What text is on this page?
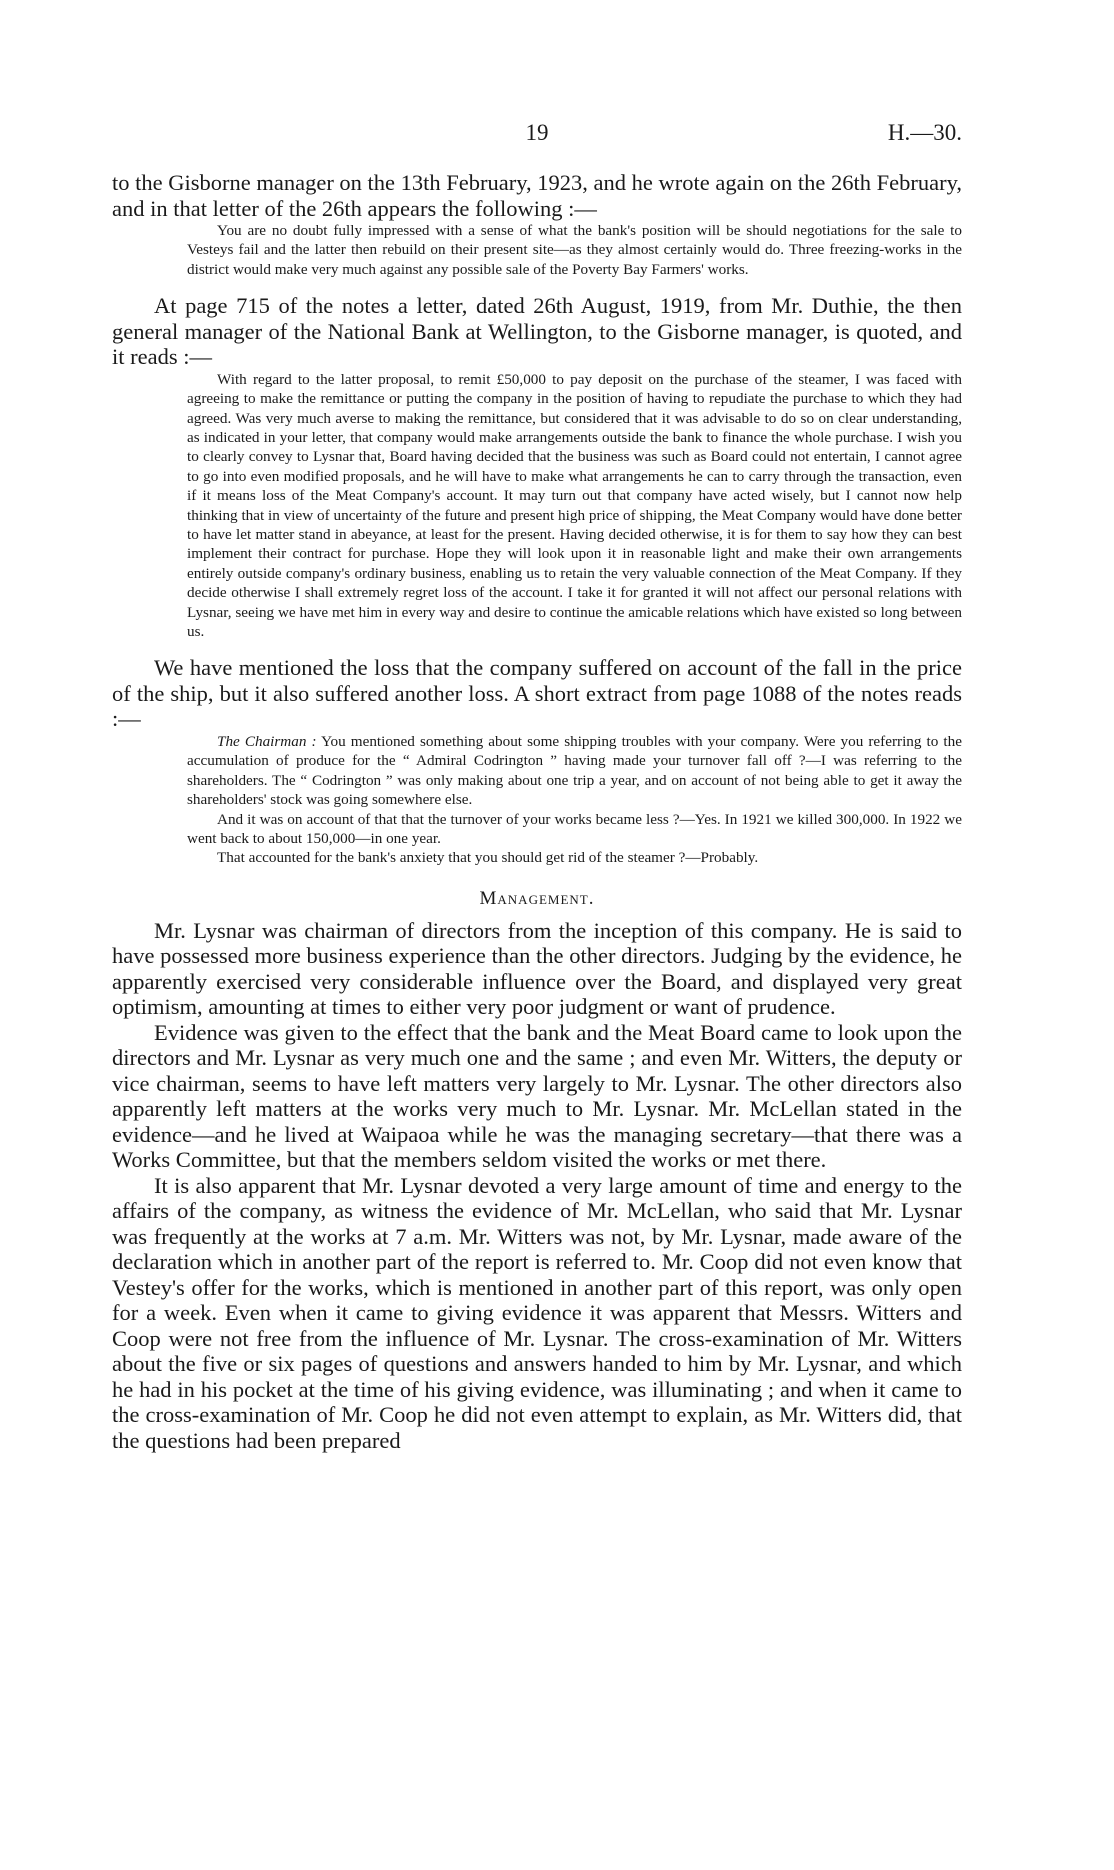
19	H.—30.

to the Gisborne manager on the 13th February, 1923, and he wrote again on the 26th February, and in that letter of the 26th appears the following :—

You are no doubt fully impressed with a sense of what the bank's position will be should negotiations for the sale to Vesteys fail and the latter then rebuild on their present site—as they almost certainly would do. Three freezing-works in the district would make very much against any possible sale of the Poverty Bay Farmers' works.

At page 715 of the notes a letter, dated 26th August, 1919, from Mr. Duthie, the then general manager of the National Bank at Wellington, to the Gisborne manager, is quoted, and it reads :—

With regard to the latter proposal, to remit £50,000 to pay deposit on the purchase of the steamer, I was faced with agreeing to make the remittance or putting the company in the position of having to repudiate the purchase to which they had agreed. Was very much averse to making the remittance, but considered that it was advisable to do so on clear understanding, as indicated in your letter, that company would make arrangements outside the bank to finance the whole purchase. I wish you to clearly convey to Lysnar that, Board having decided that the business was such as Board could not entertain, I cannot agree to go into even modified proposals, and he will have to make what arrangements he can to carry through the transaction, even if it means loss of the Meat Company's account. It may turn out that company have acted wisely, but I cannot now help thinking that in view of uncertainty of the future and present high price of shipping, the Meat Company would have done better to have let matter stand in abeyance, at least for the present. Having decided otherwise, it is for them to say how they can best implement their contract for purchase. Hope they will look upon it in reasonable light and make their own arrangements entirely outside company's ordinary business, enabling us to retain the very valuable connection of the Meat Company. If they decide otherwise I shall extremely regret loss of the account. I take it for granted it will not affect our personal relations with Lysnar, seeing we have met him in every way and desire to continue the amicable relations which have existed so long between us.

We have mentioned the loss that the company suffered on account of the fall in the price of the ship, but it also suffered another loss. A short extract from page 1088 of the notes reads :—

The Chairman : You mentioned something about some shipping troubles with your company. Were you referring to the accumulation of produce for the “ Admiral Codrington ” having made your turnover fall off ?—I was referring to the shareholders. The “ Codrington ” was only making about one trip a year, and on account of not being able to get it away the shareholders' stock was going somewhere else.

And it was on account of that that the turnover of your works became less ?—Yes. In 1921 we killed 300,000. In 1922 we went back to about 150,000—in one year.

That accounted for the bank's anxiety that you should get rid of the steamer ?—Probably.

Management.

Mr. Lysnar was chairman of directors from the inception of this company. He is said to have possessed more business experience than the other directors. Judging by the evidence, he apparently exercised very considerable influence over the Board, and displayed very great optimism, amounting at times to either very poor judgment or want of prudence.

Evidence was given to the effect that the bank and the Meat Board came to look upon the directors and Mr. Lysnar as very much one and the same ; and even Mr. Witters, the deputy or vice chairman, seems to have left matters very largely to Mr. Lysnar. The other directors also apparently left matters at the works very much to Mr. Lysnar. Mr. McLellan stated in the evidence—and he lived at Waipaoa while he was the managing secretary—that there was a Works Committee, but that the members seldom visited the works or met there.

It is also apparent that Mr. Lysnar devoted a very large amount of time and energy to the affairs of the company, as witness the evidence of Mr. McLellan, who said that Mr. Lysnar was frequently at the works at 7 a.m. Mr. Witters was not, by Mr. Lysnar, made aware of the declaration which in another part of the report is referred to. Mr. Coop did not even know that Vestey's offer for the works, which is mentioned in another part of this report, was only open for a week. Even when it came to giving evidence it was apparent that Messrs. Witters and Coop were not free from the influence of Mr. Lysnar. The cross-examination of Mr. Witters about the five or six pages of questions and answers handed to him by Mr. Lysnar, and which he had in his pocket at the time of his giving evidence, was illuminating ; and when it came to the cross-examination of Mr. Coop he did not even attempt to explain, as Mr. Witters did, that the questions had been prepared
